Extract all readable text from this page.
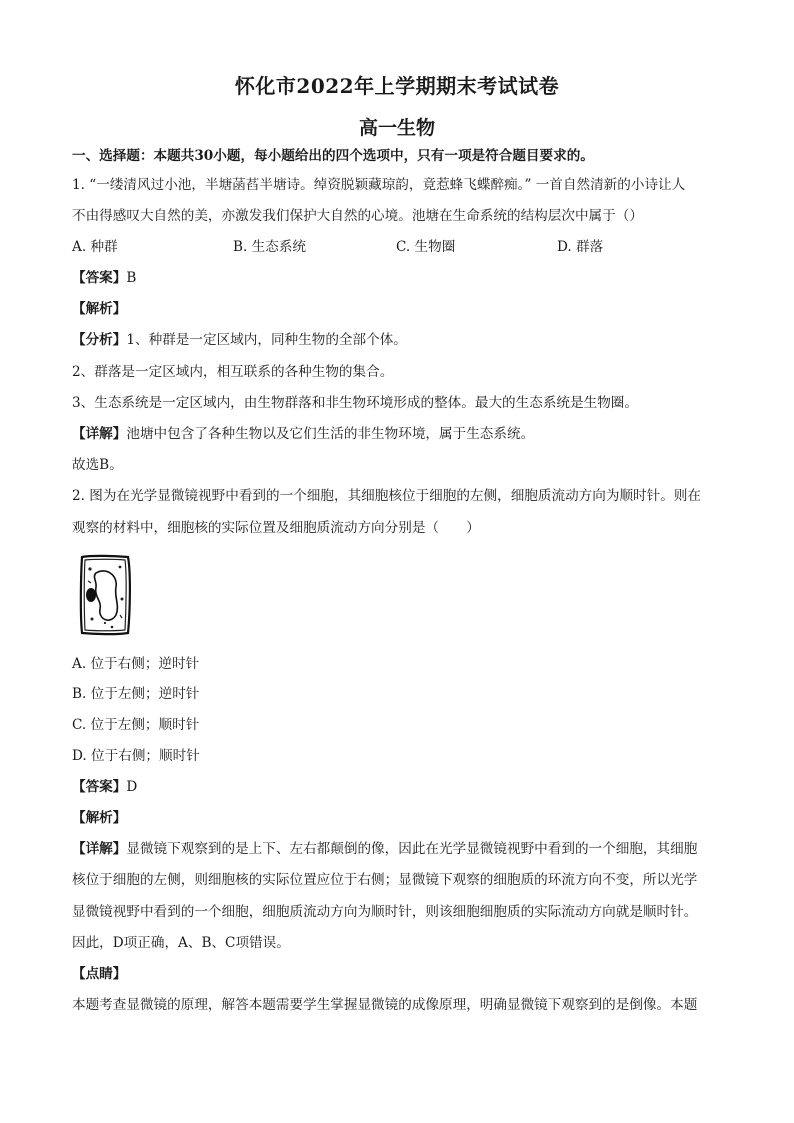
怀化市2022年上学期期末考试试卷
高一生物
一、选择题：本题共30小题，每小题给出的四个选项中，只有一项是符合题目要求的。
1. “一缕清风过小池，半塘菡萏半塘诗。绰资脱颖藏琼韵，竟惹蜂飞蝶醉痴。” 一首自然清新的小诗让人
不由得感叹大自然的美，亦激发我们保护大自然的心境。池塘在生命系统的结构层次中属于（）
A. 种群	B. 生态系统	C. 生物圈	D. 群落
【答案】B
【解析】
【分析】1、种群是一定区域内，同种生物的全部个体。
2、群落是一定区域内，相互联系的各种生物的集合。
3、生态系统是一定区域内，由生物群落和非生物环境形成的整体。最大的生态系统是生物圈。
【详解】池塘中包含了各种生物以及它们生活的非生物环境，属于生态系统。
故选B。
2. 图为在光学显微镜视野中看到的一个细胞，其细胞核位于细胞的左侧，细胞质流动方向为顺时针。则在
观察的材料中，细胞核的实际位置及细胞质流动方向分别是（　　）
A. 位于右侧；逆时针
B. 位于左侧；逆时针
C. 位于左侧；顺时针
D. 位于右侧；顺时针
【答案】D
【解析】
【详解】显微镜下观察到的是上下、左右都颠倒的像，因此在光学显微镜视野中看到的一个细胞，其细胞
核位于细胞的左侧，则细胞核的实际位置应位于右侧；显微镜下观察的细胞质的环流方向不变，所以光学
显微镜视野中看到的一个细胞，细胞质流动方向为顺时针，则该细胞细胞质的实际流动方向就是顺时针。
因此，D项正确，A、B、C项错误。
【点睛】
本题考查显微镜的原理，解答本题需要学生掌握显微镜的成像原理，明确显微镜下观察到的是倒像。本题
